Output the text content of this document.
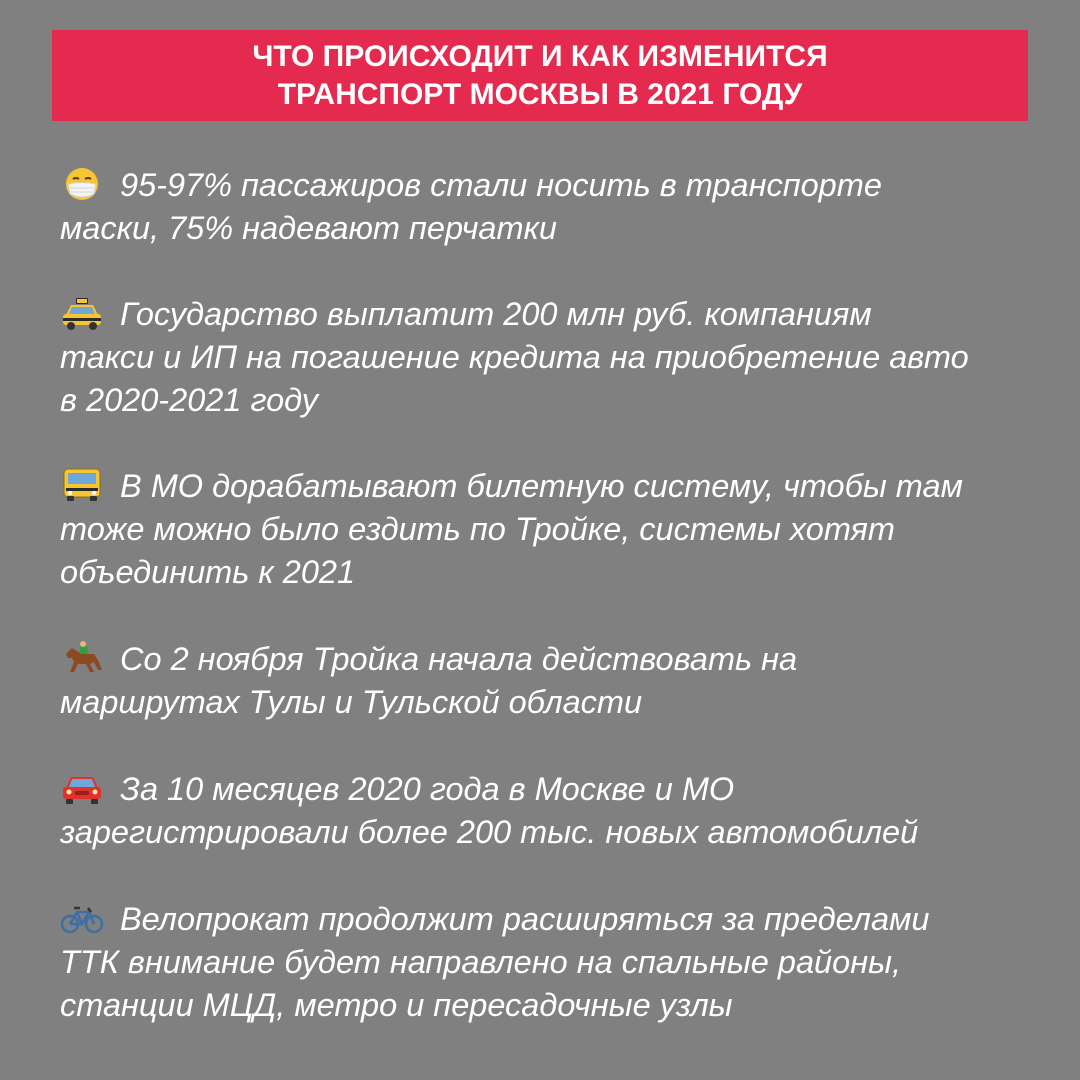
ЧТО ПРОИСХОДИТ И КАК ИЗМЕНИТСЯ
ТРАНСПОРТ МОСКВЫ В 2021 ГОДУ
95-97% пассажиров стали носить в транспорте
маски, 75% надевают перчатки
Государство выплатит 200 млн руб. компаниям
такси и ИП на погашение кредита на приобретение авто
в 2020-2021 году
В МО дорабатывают билетную систему, чтобы там
тоже можно было ездить по Тройке, системы хотят
объединить к 2021
Со 2 ноября Тройка начала действовать на
маршрутах Тулы и Тульской области
За 10 месяцев 2020 года в Москве и МО
зарегистрировали более 200 тыс. новых автомобилей
Велопрокат продолжит расширяться за пределами
ТТК внимание будет направлено на спальные районы,
станции МЦД, метро и пересадочные узлы
